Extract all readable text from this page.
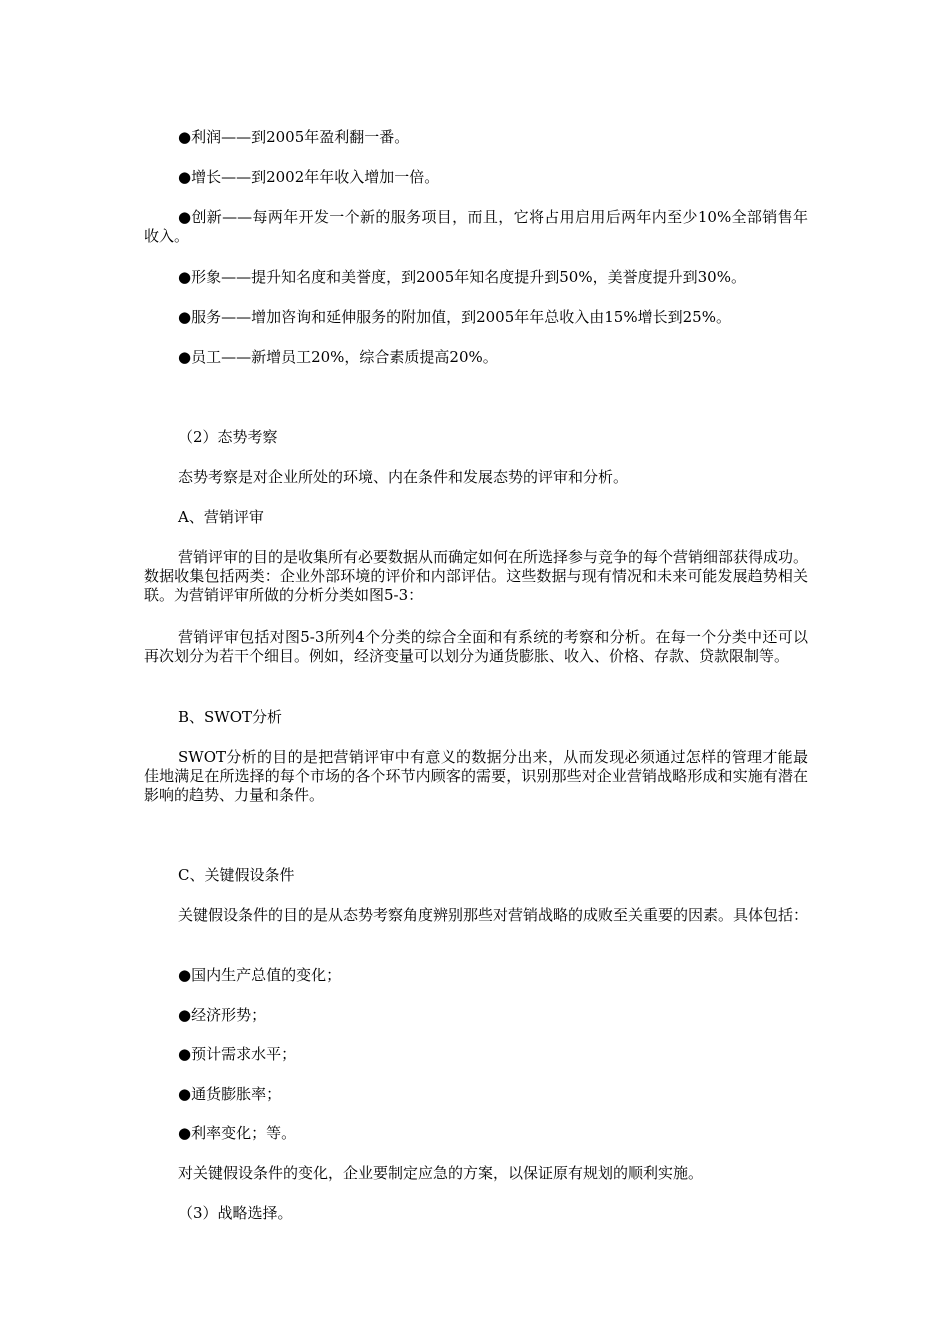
●利润——到2005年盈利翻一番。

●增长——到2002年年收入增加一倍。

●创新——每两年开发一个新的服务项目，而且，它将占用启用后两年内至少10%全部销售年收入。

●形象——提升知名度和美誉度，到2005年知名度提升到50%，美誉度提升到30%。

●服务——增加咨询和延伸服务的附加值，到2005年年总收入由15%增长到25%。

●员工——新增员工20%，综合素质提高20%。

（2）态势考察

态势考察是对企业所处的环境、内在条件和发展态势的评审和分析。

A、营销评审

营销评审的目的是收集所有必要数据从而确定如何在所选择参与竞争的每个营销细部获得成功。数据收集包括两类：企业外部环境的评价和内部评估。这些数据与现有情况和未来可能发展趋势相关联。为营销评审所做的分析分类如图5-3：

营销评审包括对图5-3所列4个分类的综合全面和有系统的考察和分析。在每一个分类中还可以再次划分为若干个细目。例如，经济变量可以划分为通货膨胀、收入、价格、存款、贷款限制等。

B、SWOT分析

SWOT分析的目的是把营销评审中有意义的数据分出来，从而发现必须通过怎样的管理才能最佳地满足在所选择的每个市场的各个环节内顾客的需要，识别那些对企业营销战略形成和实施有潜在影响的趋势、力量和条件。

C、关键假设条件

关键假设条件的目的是从态势考察角度辨别那些对营销战略的成败至关重要的因素。具体包括：

●国内生产总值的变化；

●经济形势；

●预计需求水平；

●通货膨胀率；

●利率变化；等。

对关键假设条件的变化，企业要制定应急的方案，以保证原有规划的顺利实施。

（3）战略选择。
